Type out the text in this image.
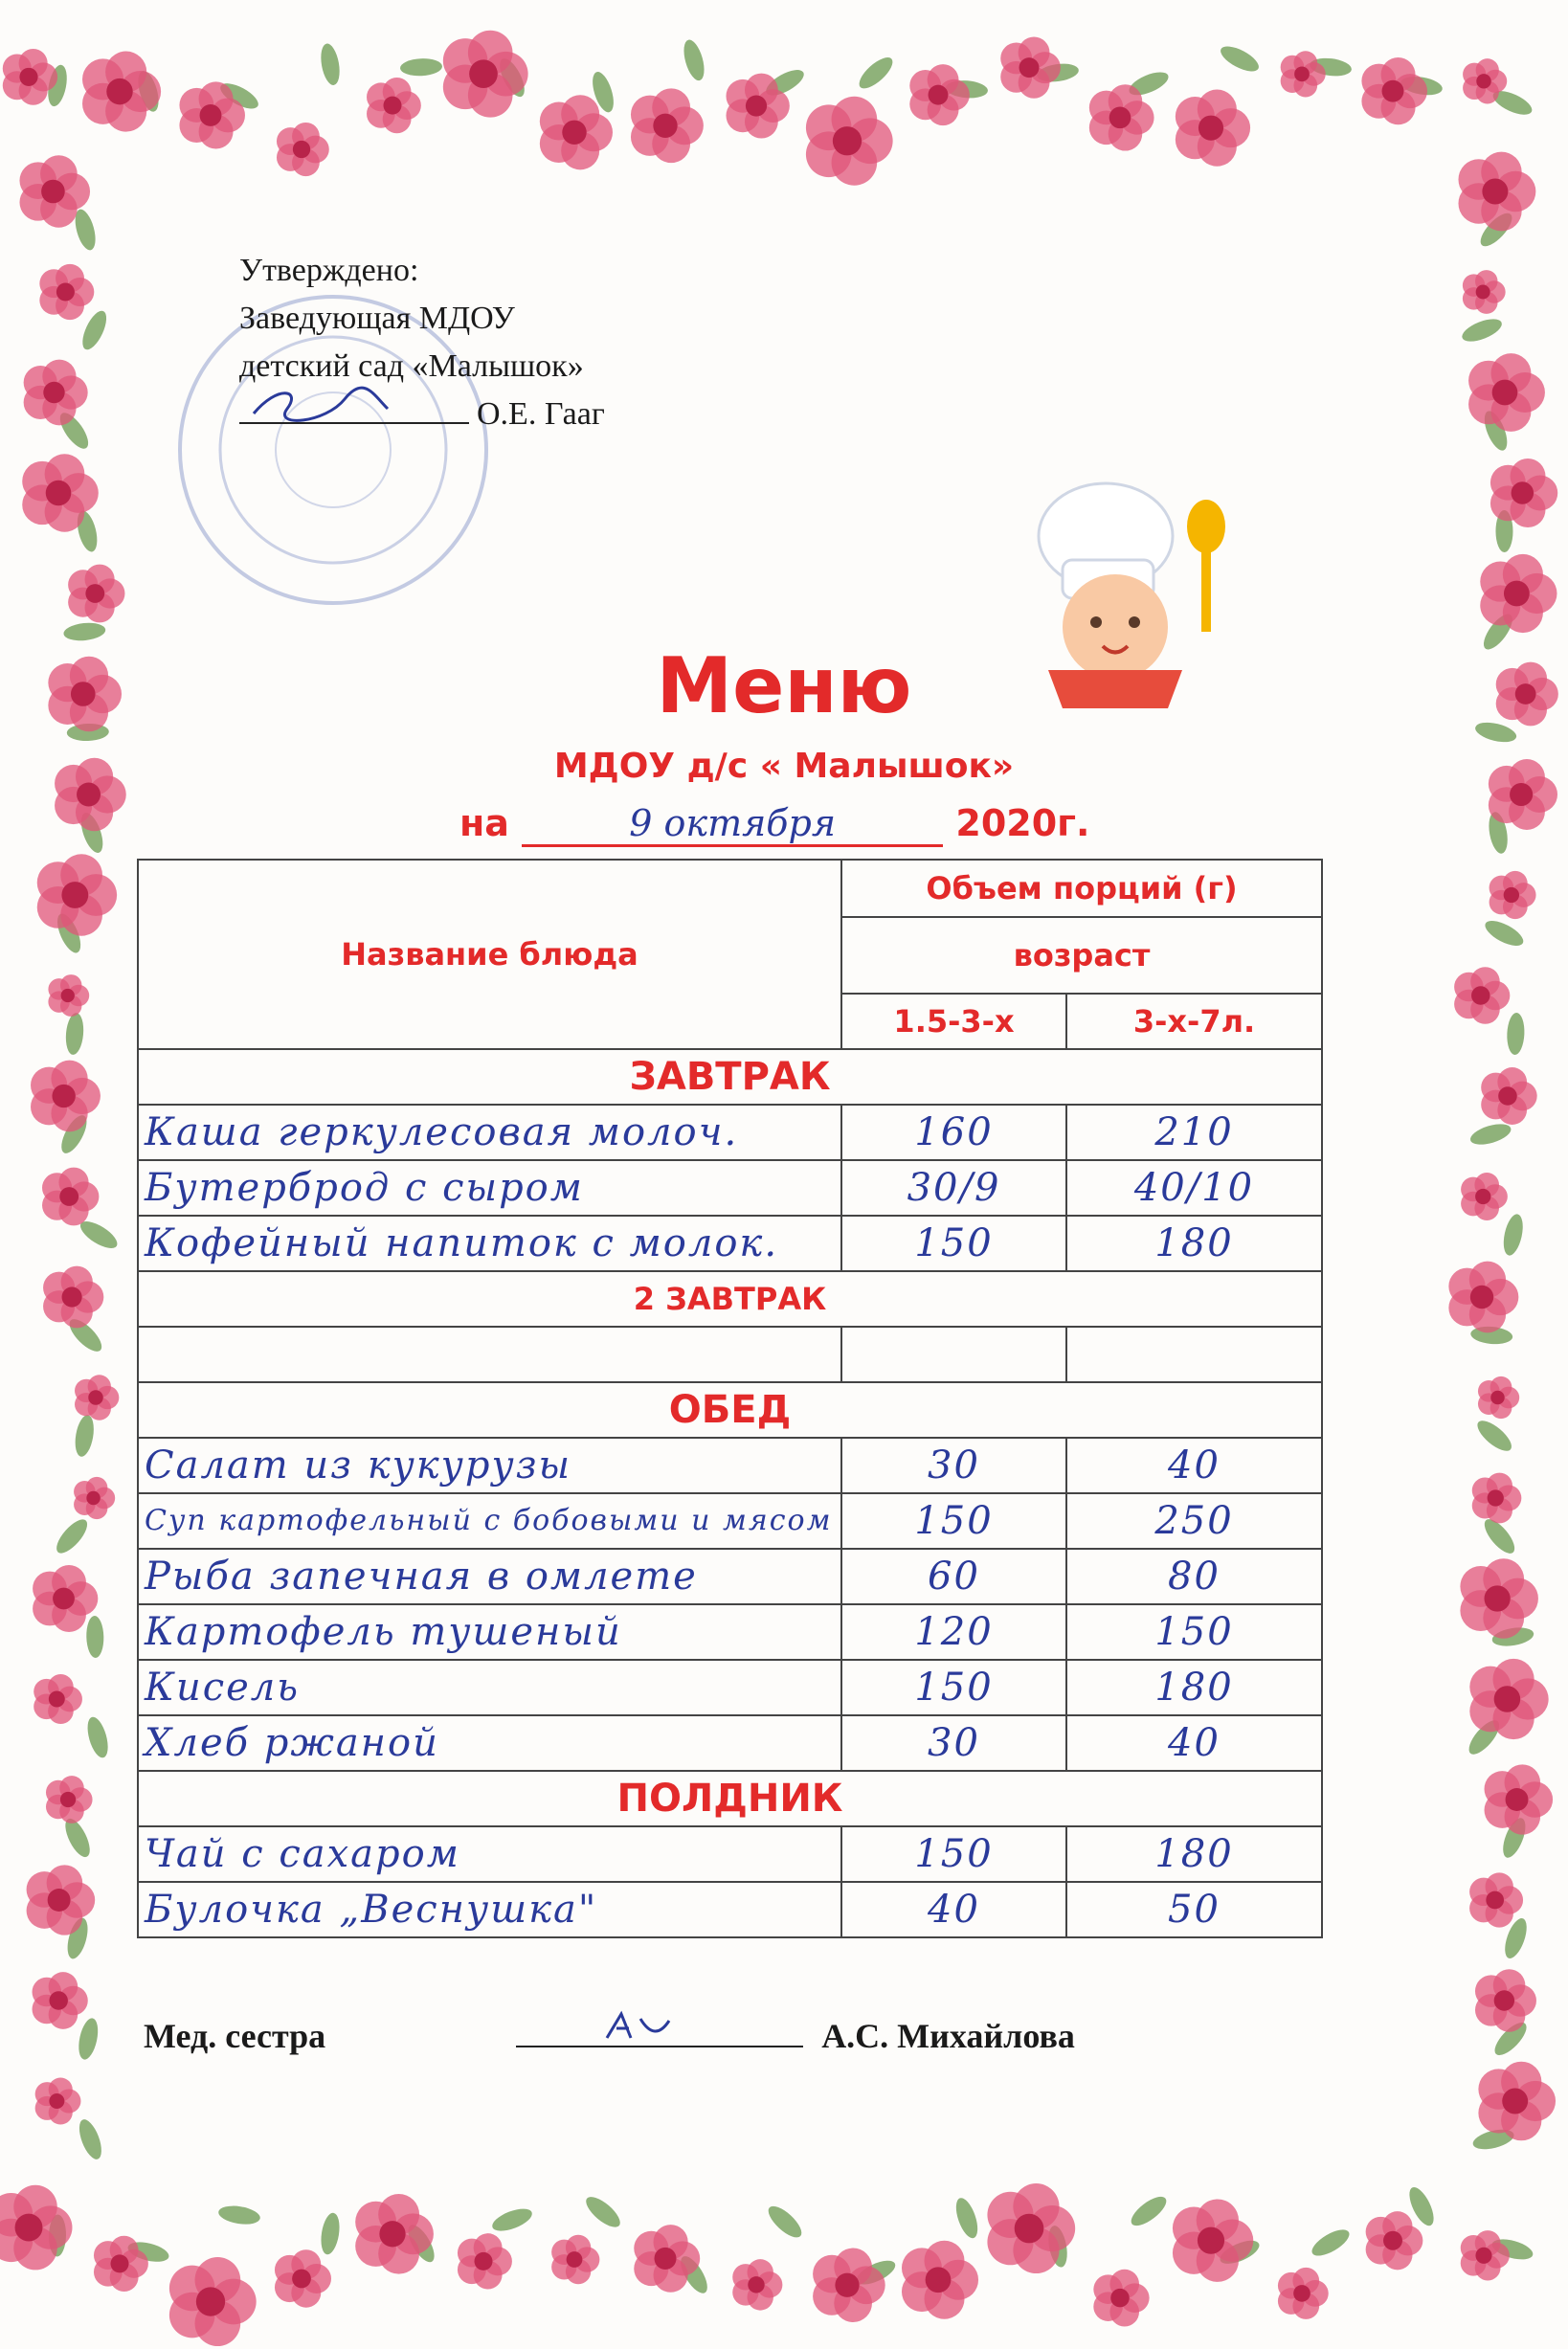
Утверждено:
Заведующая МДОУ
детский сад «Малышок»
О.Е. Гааг
Меню
МДОУ д/с « Малышок»
на	9 октября	2020г.
Название блюда	Объем порций (г)	
	возраст	
	1.5-3-х	3-х-7л.
ЗАВТРАК		
Каша геркулесовая молоч.	160	210
Бутерброд с сыром	30/9	40/10
Кофейный напиток с молок.	150	180
2 ЗАВТРАК		

ОБЕД		
Салат из кукурузы	30	40
Суп картофельный с бобовыми и мясом	150	250
Рыба запечная в омлете	60	80
Картофель тушеный	120	150
Кисель	150	180
Хлеб ржаной	30	40
ПОЛДНИК		
Чай с сахаром	150	180
Булочка „Веснушка"	40	50
Мед. сестра	А.С. Михайлова
